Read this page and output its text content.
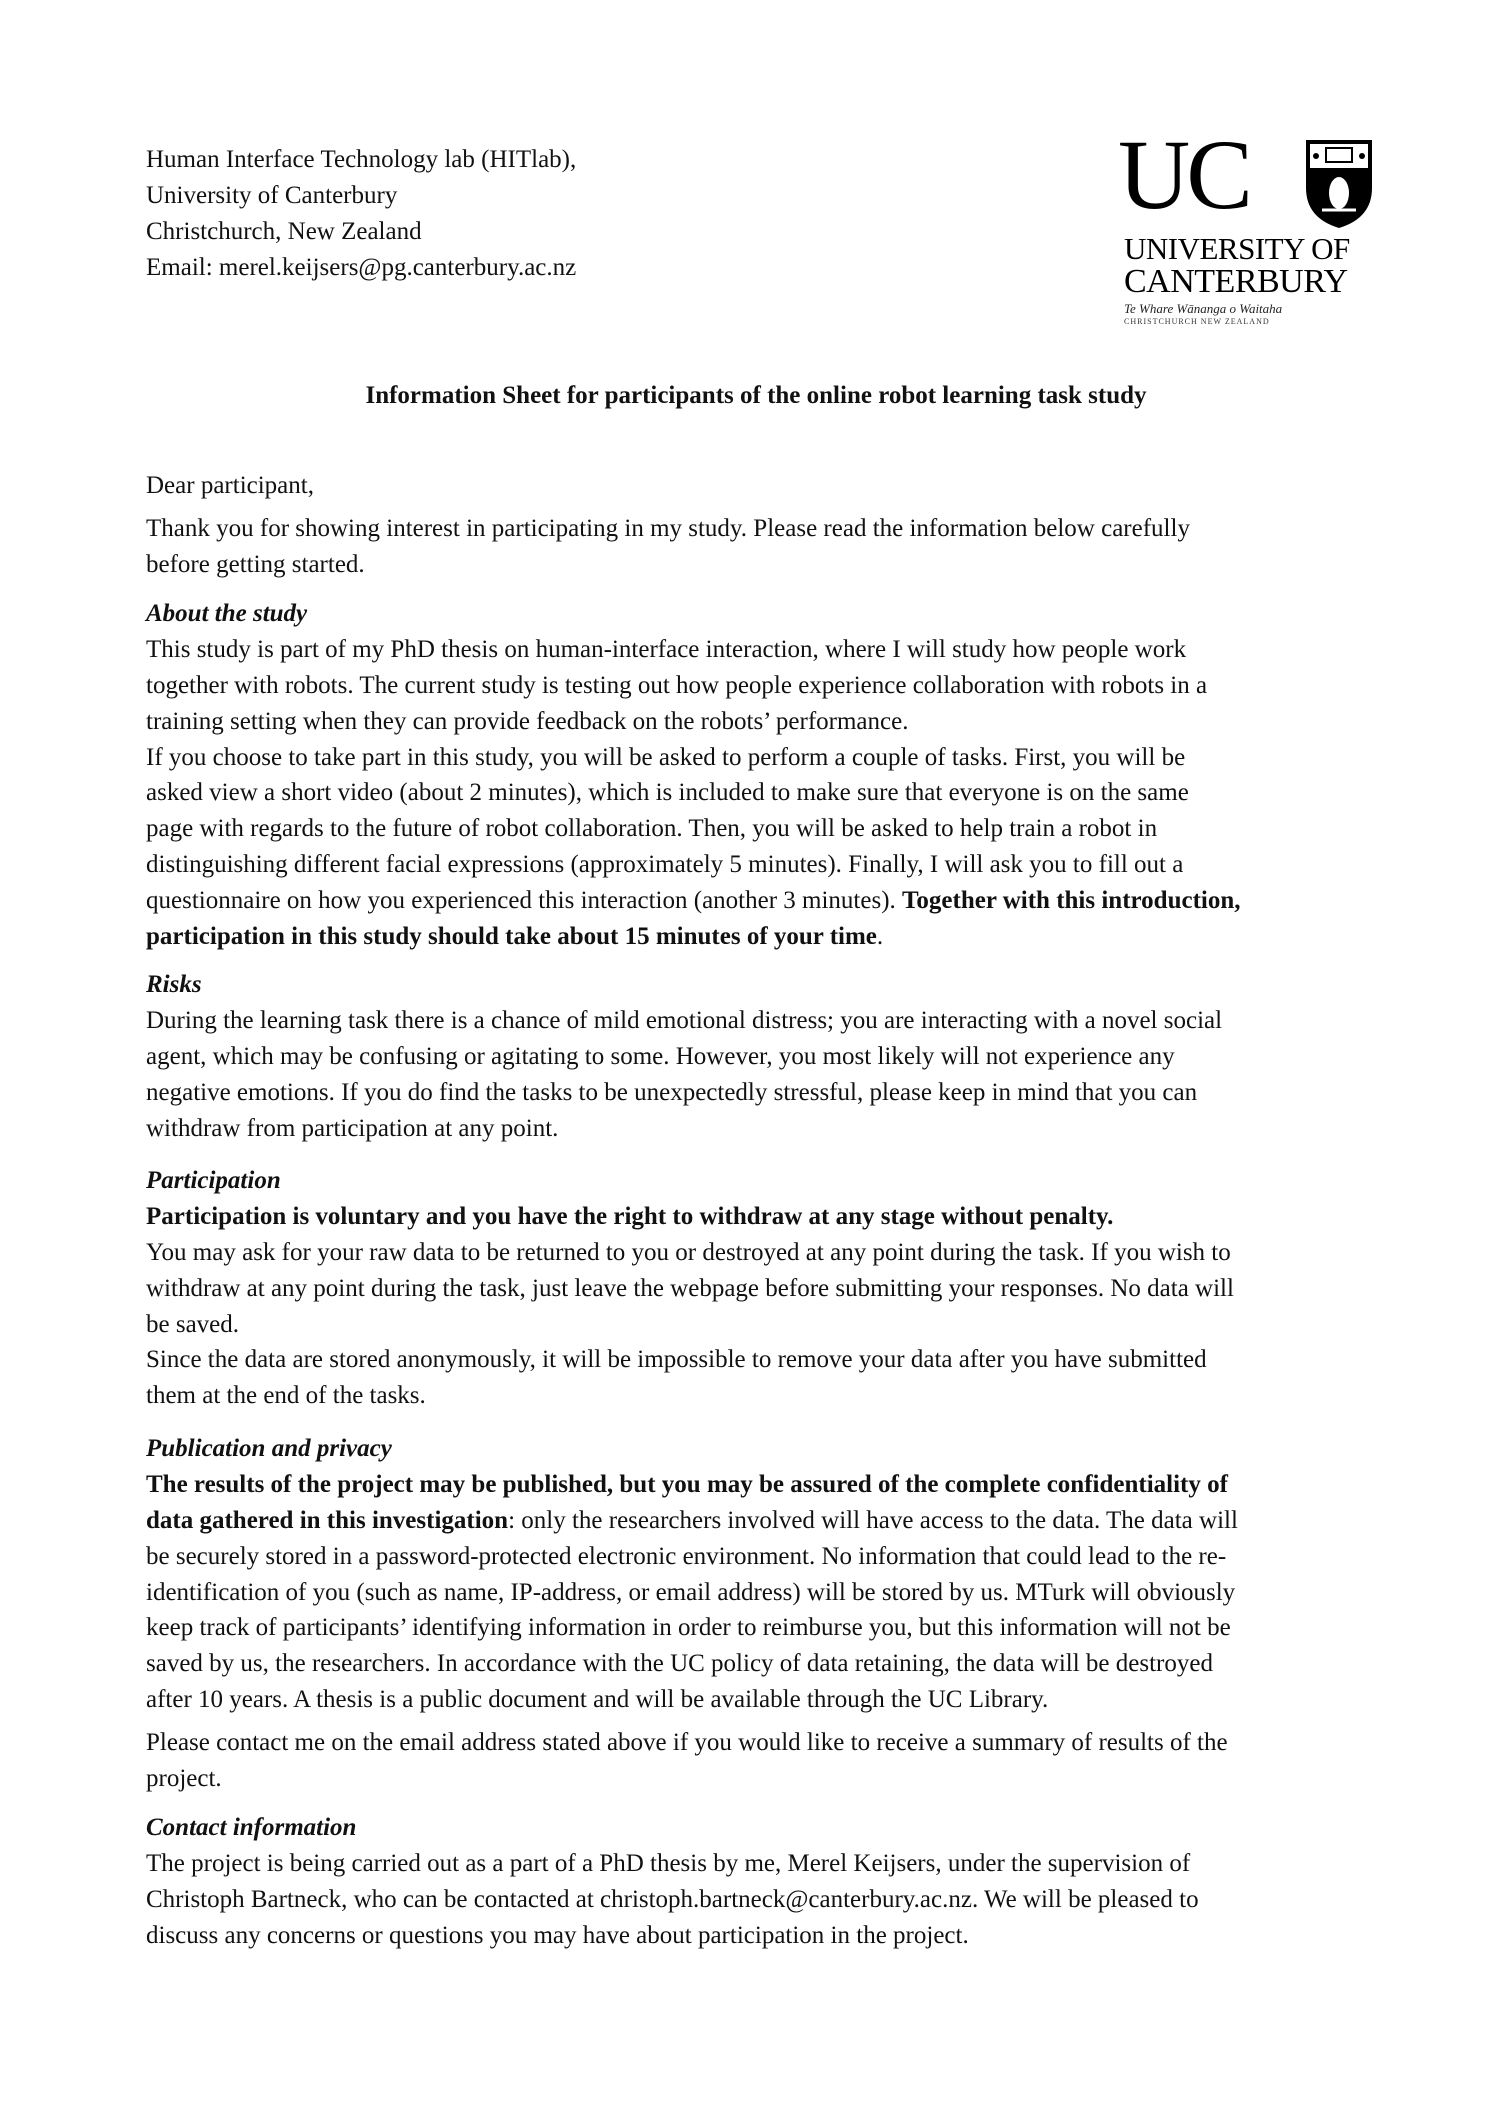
Human Interface Technology lab (HITlab),
University of Canterbury
Christchurch, New Zealand
Email: merel.keijsers@pg.canterbury.ac.nz
UC
UNIVERSITY OF
CANTERBURY
Te Whare Wānanga o Waitaha
CHRISTCHURCH NEW ZEALAND
Information Sheet for participants of the online robot learning task study
Dear participant,
Thank you for showing interest in participating in my study. Please read the information below carefully
before getting started.
About the study
This study is part of my PhD thesis on human-interface interaction, where I will study how people work
together with robots. The current study is testing out how people experience collaboration with robots in a
training setting when they can provide feedback on the robots’ performance.
If you choose to take part in this study, you will be asked to perform a couple of tasks. First, you will be
asked view a short video (about 2 minutes), which is included to make sure that everyone is on the same
page with regards to the future of robot collaboration. Then, you will be asked to help train a robot in
distinguishing different facial expressions (approximately 5 minutes). Finally, I will ask you to fill out a
questionnaire on how you experienced this interaction (another 3 minutes). Together with this introduction,
participation in this study should take about 15 minutes of your time.
Risks
During the learning task there is a chance of mild emotional distress; you are interacting with a novel social
agent, which may be confusing or agitating to some. However, you most likely will not experience any
negative emotions. If you do find the tasks to be unexpectedly stressful, please keep in mind that you can
withdraw from participation at any point.
Participation
Participation is voluntary and you have the right to withdraw at any stage without penalty.
You may ask for your raw data to be returned to you or destroyed at any point during the task. If you wish to
withdraw at any point during the task, just leave the webpage before submitting your responses. No data will
be saved.
Since the data are stored anonymously, it will be impossible to remove your data after you have submitted
them at the end of the tasks.
Publication and privacy
The results of the project may be published, but you may be assured of the complete confidentiality of
data gathered in this investigation: only the researchers involved will have access to the data. The data will
be securely stored in a password-protected electronic environment. No information that could lead to the re-
identification of you (such as name, IP-address, or email address) will be stored by us. MTurk will obviously
keep track of participants’ identifying information in order to reimburse you, but this information will not be
saved by us, the researchers. In accordance with the UC policy of data retaining, the data will be destroyed
after 10 years. A thesis is a public document and will be available through the UC Library.
Please contact me on the email address stated above if you would like to receive a summary of results of the
project.
Contact information
The project is being carried out as a part of a PhD thesis by me, Merel Keijsers, under the supervision of
Christoph Bartneck, who can be contacted at christoph.bartneck@canterbury.ac.nz. We will be pleased to
discuss any concerns or questions you may have about participation in the project.
